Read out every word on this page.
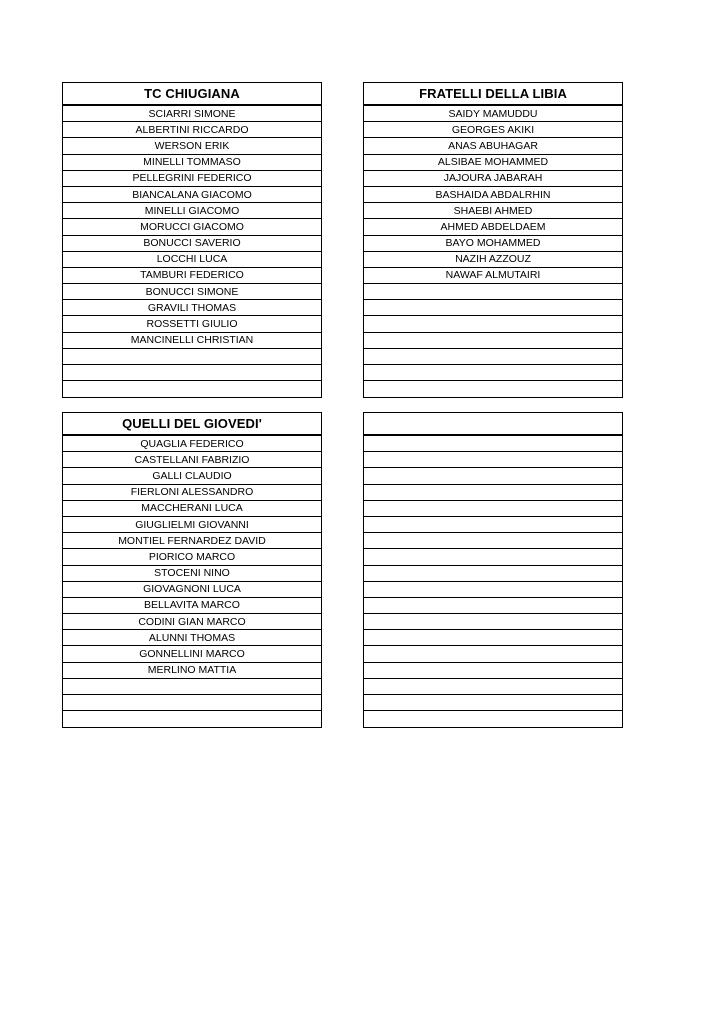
TC CHIUGIANA
SCIARRI SIMONE
ALBERTINI RICCARDO
WERSON ERIK
MINELLI TOMMASO
PELLEGRINI FEDERICO
BIANCALANA GIACOMO
MINELLI GIACOMO
MORUCCI GIACOMO
BONUCCI SAVERIO
LOCCHI LUCA
TAMBURI FEDERICO
BONUCCI SIMONE
GRAVILI THOMAS
ROSSETTI GIULIO
MANCINELLI CHRISTIAN
FRATELLI DELLA LIBIA
SAIDY MAMUDDU
GEORGES AKIKI
ANAS ABUHAGAR
ALSIBAE MOHAMMED
JAJOURA JABARAH
BASHAIDA ABDALRHIN
SHAEBI AHMED
AHMED ABDELDAEM
BAYO MOHAMMED
NAZIH AZZOUZ
NAWAF ALMUTAIRI
QUELLI DEL GIOVEDI'
QUAGLIA FEDERICO
CASTELLANI FABRIZIO
GALLI CLAUDIO
FIERLONI ALESSANDRO
MACCHERANI LUCA
GIUGLIELMI GIOVANNI
MONTIEL FERNARDEZ DAVID
PIORICO MARCO
STOCENI NINO
GIOVAGNONI LUCA
BELLAVITA MARCO
CODINI GIAN MARCO
ALUNNI THOMAS
GONNELLINI MARCO
MERLINO MATTIA
